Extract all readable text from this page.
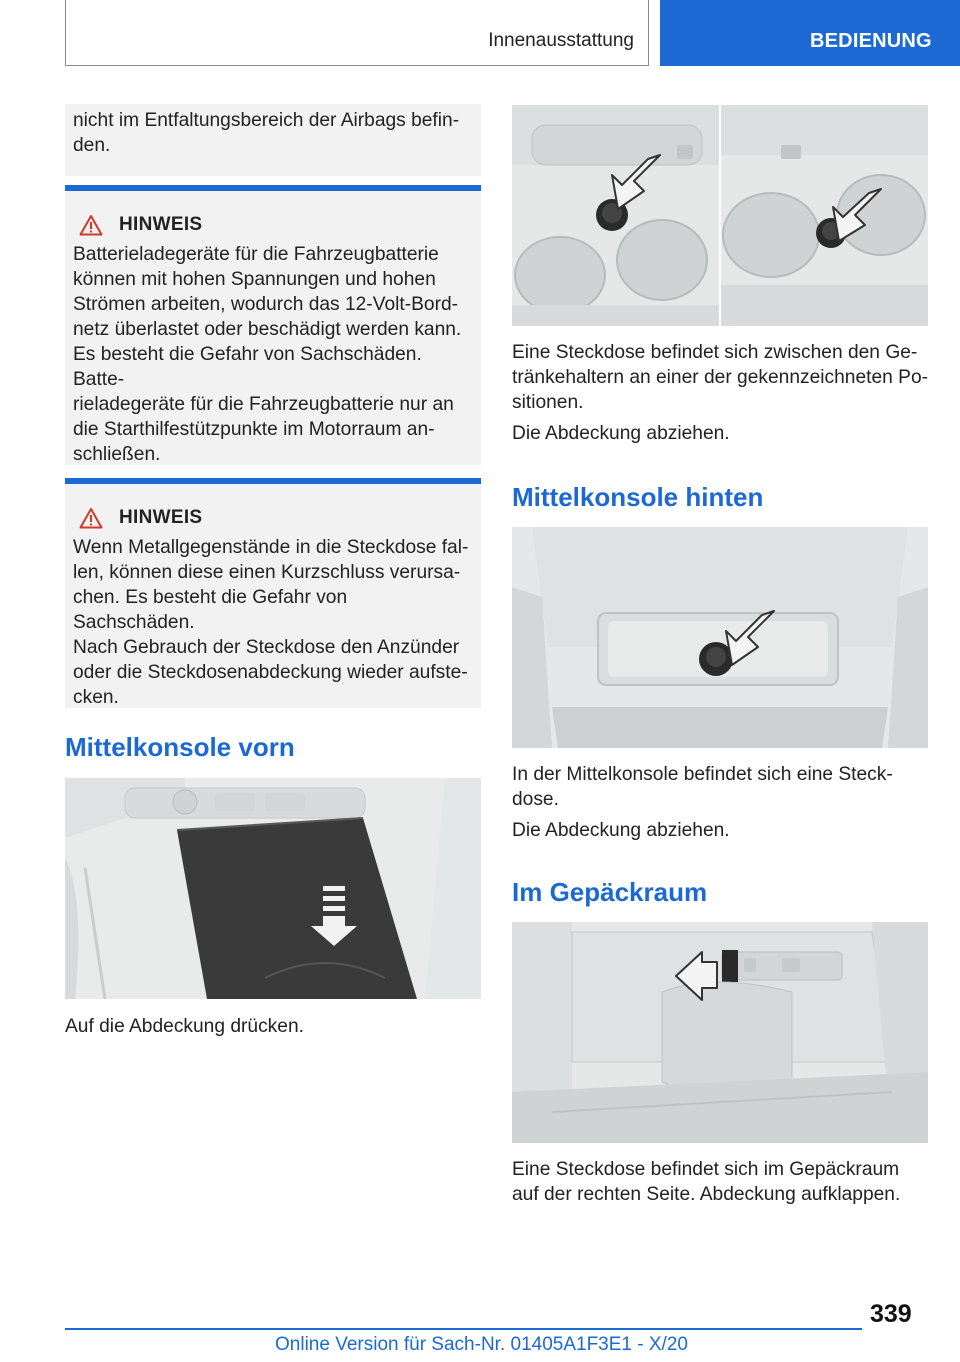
Innenausstattung	BEDIENUNG
nicht im Entfaltungsbereich der Airbags befin-
den.
HINWEIS
Batterieladegeräte für die Fahrzeugbatterie
können mit hohen Spannungen und hohen
Strömen arbeiten, wodurch das 12-Volt-Bord-
netz überlastet oder beschädigt werden kann.
Es besteht die Gefahr von Sachschäden. Batte-
rieladegeräte für die Fahrzeugbatterie nur an
die Starthilfestützpunkte im Motorraum an-
schließen.
HINWEIS
Wenn Metallgegenstände in die Steckdose fal-
len, können diese einen Kurzschluss verursa-
chen. Es besteht die Gefahr von Sachschäden.
Nach Gebrauch der Steckdose den Anzünder
oder die Steckdosenabdeckung wieder aufste-
cken.
Mittelkonsole vorn
Auf die Abdeckung drücken.
Eine Steckdose befindet sich zwischen den Ge-
tränkehaltern an einer der gekennzeichneten Po-
sitionen.
Die Abdeckung abziehen.
Mittelkonsole hinten
In der Mittelkonsole befindet sich eine Steck-
dose.
Die Abdeckung abziehen.
Im Gepäckraum
Eine Steckdose befindet sich im Gepäckraum
auf der rechten Seite. Abdeckung aufklappen.
339
Online Version für Sach-Nr. 01405A1F3E1 - X/20
